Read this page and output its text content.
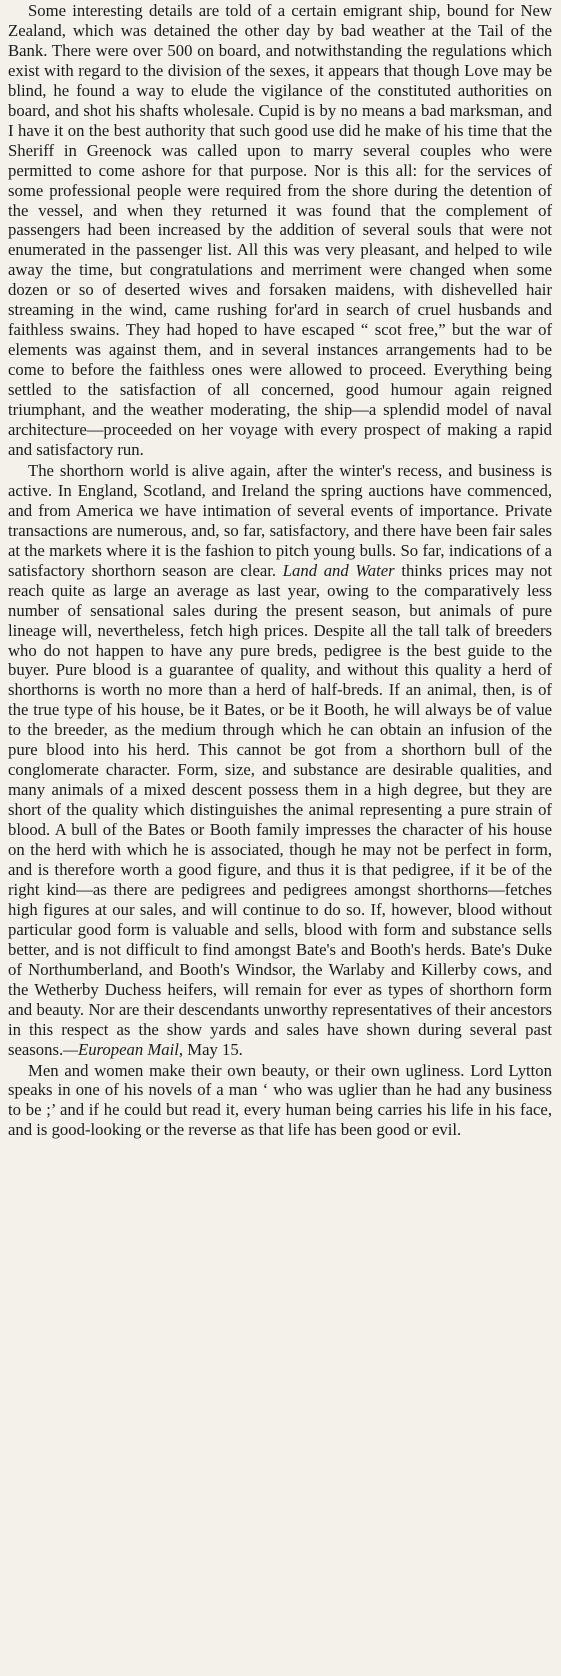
Some interesting details are told of a certain emigrant ship, bound for New Zealand, which was detained the other day by bad weather at the Tail of the Bank. There were over 500 on board, and notwithstanding the regulations which exist with regard to the division of the sexes, it appears that though Love may be blind, he found a way to elude the vigilance of the constituted authorities on board, and shot his shafts wholesale. Cupid is by no means a bad marksman, and I have it on the best authority that such good use did he make of his time that the Sheriff in Greenock was called upon to marry several couples who were permitted to come ashore for that purpose. Nor is this all: for the services of some professional people were required from the shore during the detention of the vessel, and when they returned it was found that the complement of passengers had been increased by the addition of several souls that were not enumerated in the passenger list. All this was very pleasant, and helped to wile away the time, but congratulations and merriment were changed when some dozen or so of deserted wives and forsaken maidens, with dishevelled hair streaming in the wind, came rushing for'ard in search of cruel husbands and faithless swains. They had hoped to have escaped “ scot free,” but the war of elements was against them, and in several instances arrangements had to be come to before the faithless ones were allowed to proceed. Everything being settled to the satisfaction of all concerned, good humour again reigned triumphant, and the weather moderating, the ship—a splendid model of naval architecture—proceeded on her voyage with every prospect of making a rapid and satisfactory run.

The shorthorn world is alive again, after the winter's recess, and business is active. In England, Scotland, and Ireland the spring auctions have commenced, and from America we have intimation of several events of importance. Private transactions are numerous, and, so far, satisfactory, and there have been fair sales at the markets where it is the fashion to pitch young bulls. So far, indications of a satisfactory shorthorn season are clear. Land and Water thinks prices may not reach quite as large an average as last year, owing to the comparatively less number of sensational sales during the present season, but animals of pure lineage will, nevertheless, fetch high prices. Despite all the tall talk of breeders who do not happen to have any pure breds, pedigree is the best guide to the buyer. Pure blood is a guarantee of quality, and without this quality a herd of shorthorns is worth no more than a herd of half-breds. If an animal, then, is of the true type of his house, be it Bates, or be it Booth, he will always be of value to the breeder, as the medium through which he can obtain an infusion of the pure blood into his herd. This cannot be got from a shorthorn bull of the conglomerate character. Form, size, and substance are desirable qualities, and many animals of a mixed descent possess them in a high degree, but they are short of the quality which distinguishes the animal representing a pure strain of blood. A bull of the Bates or Booth family impresses the character of his house on the herd with which he is associated, though he may not be perfect in form, and is therefore worth a good figure, and thus it is that pedigree, if it be of the right kind—as there are pedigrees and pedigrees amongst shorthorns—fetches high figures at our sales, and will continue to do so. If, however, blood without particular good form is valuable and sells, blood with form and substance sells better, and is not difficult to find amongst Bate's and Booth's herds. Bate's Duke of Northumberland, and Booth's Windsor, the Warlaby and Killerby cows, and the Wetherby Duchess heifers, will remain for ever as types of shorthorn form and beauty. Nor are their descendants unworthy representatives of their ancestors in this respect as the show yards and sales have shown during several past seasons.—European Mail, May 15.

Men and women make their own beauty, or their own ugliness. Lord Lytton speaks in one of his novels of a man ‘ who was uglier than he had any business to be ;’ and if he could but read it, every human being carries his life in his face, and is good-looking or the reverse as that life has been good or evil.
